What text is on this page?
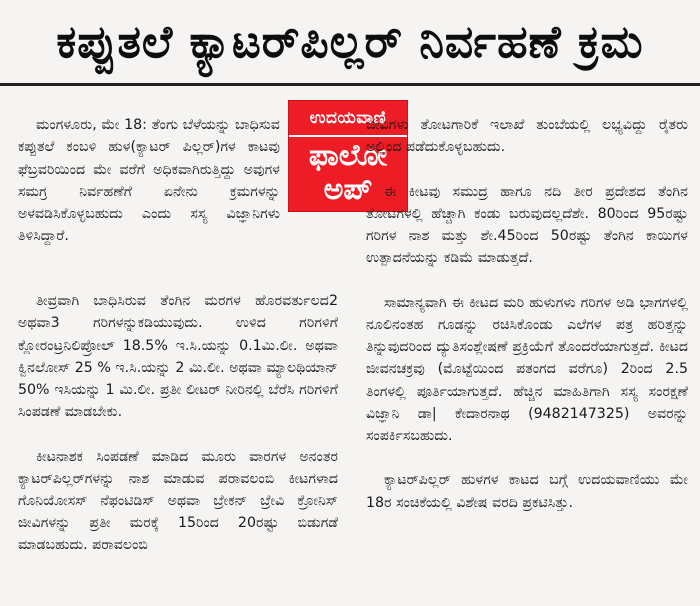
ಕಪ್ಪುತಲೆ ಕ್ಯಾಟರ್‌ಪಿಲ್ಲರ್ ನಿರ್ವಹಣೆ ಕ್ರಮ

ಮಂಗಳೂರು, ಮೇ 18: ತೆಂಗು ಬೆಳೆಯನ್ನು ಬಾಧಿಸುವ ಕಪ್ಪುತಲೆ ಕಂಬಳಿ ಹುಳ(ಕ್ಯಾಟರ್ ಪಿಲ್ಲರ್)ಗಳ ಕಾಟವು ಫೆಬ್ರವರಿಯಿಂದ ಮೇ ವರೆಗೆ ಅಧಿಕವಾಗಿರುತ್ತಿದ್ದು ಅವುಗಳ ಸಮಗ್ರ ನಿರ್ವಹಣೆಗೆ ಏನೇನು ಕ್ರಮಗಳನ್ನು ಅಳವಡಿಸಿಕೊಳ್ಳಬಹುದು ಎಂದು ಸಸ್ಯ ವಿಜ್ಞಾನಿಗಳು ತಿಳಿಸಿದ್ದಾರೆ.

ಉದಯವಾಣಿ
ಫಾಲೋ
ಅಪ್

ತೀವ್ರವಾಗಿ ಬಾಧಿಸಿರುವ ತೆಂಗಿನ ಮರಗಳ ಹೊರವರ್ತುಲದ2 ಅಥವಾ3 ಗರಿಗಳನ್ನುಕಡಿಯುವುದು. ಉಳಿದ ಗರಿಗಳಿಗೆ ಕ್ಲೋರಂಟ್ರನಿಲಿಪ್ರೋಲ್ 18.5% ಇ.ಸಿ.ಯನ್ನು 0.1ಮಿ.ಲೀ. ಅಥವಾ ಕ್ವಿನಲೋಸ್ 25 % ಇ.ಸಿ.ಯನ್ನು 2 ಮಿ.ಲೀ. ಅಥವಾ ಮ್ಯಾಲಥಿಯಾನ್ 50% ಇಸಿಯನ್ನು 1 ಮಿ.ಲೀ. ಪ್ರತೀ ಲೀಟರ್ ನೀರಿನಲ್ಲಿ ಬೆರೆಸಿ ಗರಿಗಳಿಗೆ ಸಿಂಪಡಣೆ ಮಾಡಬೇಕು.

ಕೀಟನಾಶಕ ಸಿಂಪಡಣೆ ಮಾಡಿದ ಮೂರು ವಾರಗಳ ಅನಂತರ ಕ್ಯಾಟರ್‌ಪಿಲ್ಲರ್‌ಗಳನ್ನು ನಾಶ ಮಾಡುವ ಪರಾವಲಂಬಿ ಕೀಟಗಳಾದ ಗೊನಿಯೋಸಸ್ ನೆಫಂಟಿಡಿಸ್ ಅಥವಾ ಬ್ರೇಕನ್ ಬ್ರೇವಿ ಕ್ರೋನಿಸ್ ಜೀವಿಗಳನ್ನು ಪ್ರತೀ ಮರಕ್ಕೆ 15ರಿಂದ 20ರಷ್ಟು ಬಿಡುಗಡೆ ಮಾಡಬಹುದು. ಪರಾವಲಂಬಿ

ಜೀವಿಗಳು ತೋಟಗಾರಿಕೆ ಇಲಾಖೆ ತುಂಬೆಯಲ್ಲಿ ಲಭ್ಯವಿದ್ದು ರೈತರು ಅಲ್ಲಿಂದ ಪಡೆದುಕೊಳ್ಳಬಹುದು.

ಈ ಕೀಟವು ಸಮುದ್ರ ಹಾಗೂ ನದಿ ತೀರ ಪ್ರದೇಶದ ತೆಂಗಿನ ತೋಟಗಳಲ್ಲಿ ಹೆಚ್ಚಾಗಿ ಕಂಡು ಬರುವುದಲ್ಲದೆಶೇ. 80ರಿಂದ 95ರಷ್ಟು ಗರಿಗಳ ನಾಶ ಮತ್ತು ಶೇ.45ರಿಂದ 50ರಷ್ಟು ತೆಂಗಿನ ಕಾಯಿಗಳ ಉತ್ಪಾದನೆಯನ್ನು ಕಡಿಮೆ ಮಾಡುತ್ತದೆ.

ಸಾಮಾನ್ಯವಾಗಿ ಈ ಕೀಟದ ಮರಿ ಹುಳುಗಳು ಗರಿಗಳ ಅಡಿ ಭಾಗಗಳಲ್ಲಿ ನೂಲಿನಂತಹ ಗೂಡನ್ನು ರಚಿಸಿಕೊಂಡು ಎಲೆಗಳ ಪತ್ರ ಹರಿತ್ತನ್ನು ತಿನ್ನುವುದರಿಂದ ದ್ಯುತಿಸಂಶ್ಲೇಷಣೆ ಪ್ರಕ್ರಿಯೆಗೆ ತೊಂದರೆಯಾಗುತ್ತದೆ. ಕೀಟದ ಜೀವನಚಕ್ರವು (ಮೊಟ್ಟೆಯಿಂದ ಪತಂಗದ ವರೆಗೂ) 2ರಿಂದ 2.5 ತಿಂಗಳಲ್ಲಿ ಪೂರ್ತಿಯಾಗುತ್ತದೆ. ಹೆಚ್ಚಿನ ಮಾಹಿತಿಗಾಗಿ ಸಸ್ಯ ಸಂರಕ್ಷಣೆ ವಿಜ್ಞಾನಿ ಡಾ| ಕೇದಾರನಾಥ (9482147325) ಅವರನ್ನು ಸಂಪರ್ಕಿಸಬಹುದು.

ಕ್ಯಾಟರ್‌ಪಿಲ್ಲರ್ ಹುಳಗಳ ಕಾಟದ ಬಗ್ಗೆ ಉದಯವಾಣಿಯು ಮೇ 18ರ ಸಂಚಿಕೆಯಲ್ಲಿ ವಿಶೇಷ ವರದಿ ಪ್ರಕಟಿಸಿತ್ತು.
